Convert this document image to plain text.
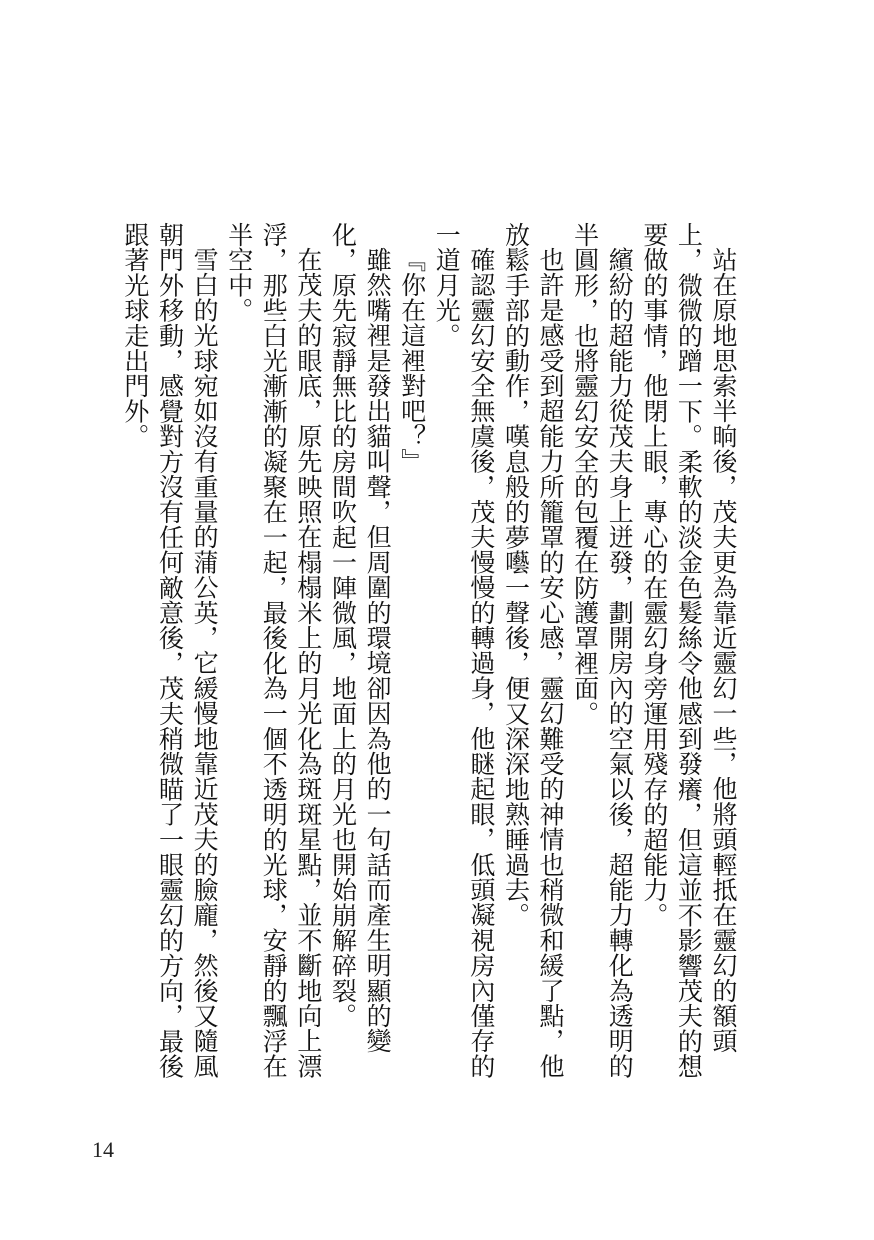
站在原地思索半晌後，茂夫更為靠近靈幻一些，他將頭輕抵在靈幻的額頭上，微微的蹭一下。柔軟的淡金色髮絲令他感到發癢，但這並不影響茂夫的想要做的事情，他閉上眼，專心的在靈幻身旁運用殘存的超能力。

繽紛的超能力從茂夫身上迸發，劃開房內的空氣以後，超能力轉化為透明的半圓形，也將靈幻安全的包覆在防護罩裡面。

也許是感受到超能力所籠罩的安心感，靈幻難受的神情也稍微和緩了點，他放鬆手部的動作，嘆息般的夢囈一聲後，便又深深地熟睡過去。

確認靈幻安全無虞後，茂夫慢慢的轉過身，他瞇起眼，低頭凝視房內僅存的一道月光。

『你在這裡對吧？』

雖然嘴裡是發出貓叫聲，但周圍的環境卻因為他的一句話而產生明顯的變化，原先寂靜無比的房間吹起一陣微風，地面上的月光也開始崩解碎裂。

在茂夫的眼底，原先映照在榻榻米上的月光化為斑斑星點，並不斷地向上漂浮，那些白光漸漸的凝聚在一起，最後化為一個不透明的光球，安靜的飄浮在半空中。

雪白的光球宛如沒有重量的蒲公英，它緩慢地靠近茂夫的臉龐，然後又隨風朝門外移動，感覺對方沒有任何敵意後，茂夫稍微瞄了一眼靈幻的方向，最後跟著光球走出門外。

14
